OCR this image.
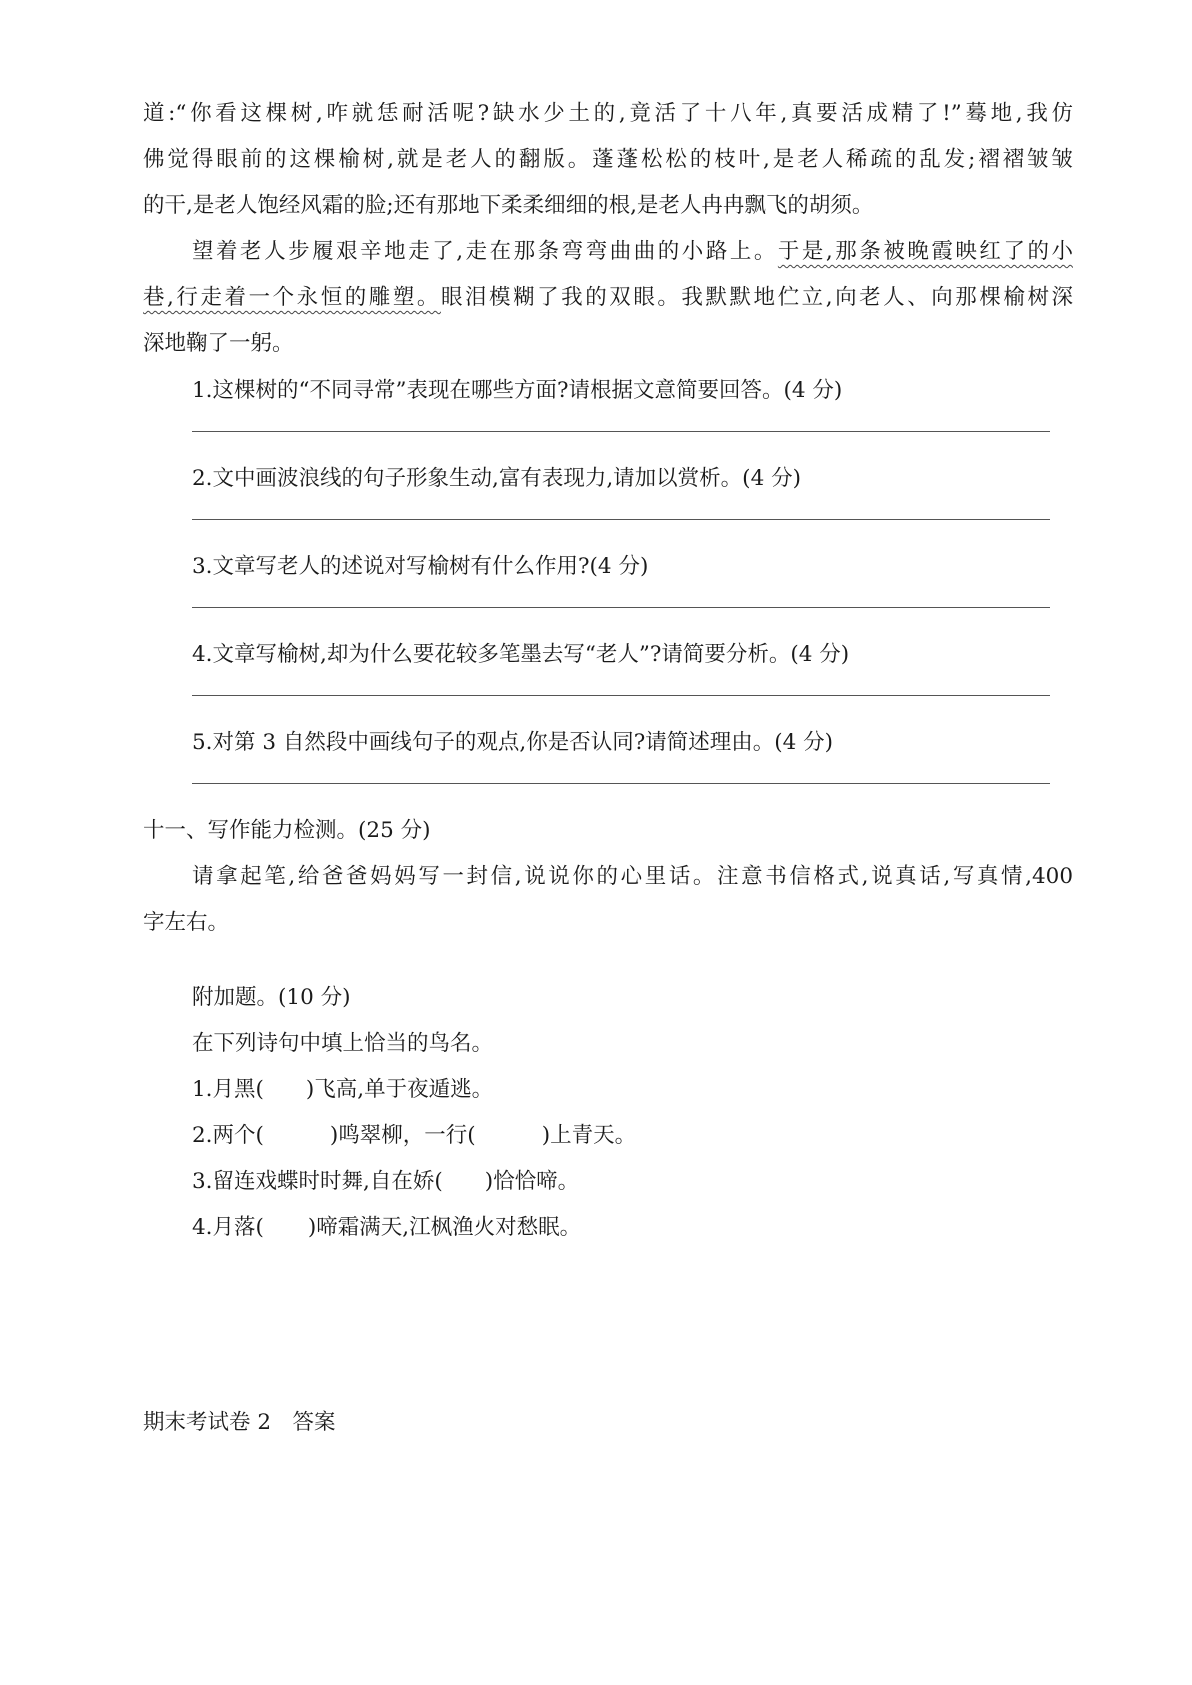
道:“你看这棵树,咋就恁耐活呢?缺水少土的,竟活了十八年,真要活成精了!”蓦地,我仿
佛觉得眼前的这棵榆树,就是老人的翻版。蓬蓬松松的枝叶,是老人稀疏的乱发;褶褶皱皱
的干,是老人饱经风霜的脸;还有那地下柔柔细细的根,是老人冉冉飘飞的胡须。
望着老人步履艰辛地走了,走在那条弯弯曲曲的小路上。于是,那条被晚霞映红了的小
巷,行走着一个永恒的雕塑。眼泪模糊了我的双眼。我默默地伫立,向老人、向那棵榆树深
深地鞠了一躬。
1.这棵树的“不同寻常”表现在哪些方面?请根据文意简要回答。(4 分)
2.文中画波浪线的句子形象生动,富有表现力,请加以赏析。(4 分)
3.文章写老人的述说对写榆树有什么作用?(4 分)
4.文章写榆树,却为什么要花较多笔墨去写“老人”?请简要分析。(4 分)
5.对第 3 自然段中画线句子的观点,你是否认同?请简述理由。(4 分)
十一、写作能力检测。(25 分)
请拿起笔,给爸爸妈妈写一封信,说说你的心里话。注意书信格式,说真话,写真情,400
字左右。
附加题。(10 分)
在下列诗句中填上恰当的鸟名。
1.月黑( )飞高,单于夜遁逃。
2.两个(	)鸣翠柳，一行(	)上青天。
3.留连戏蝶时时舞,自在娇( )恰恰啼。
4.月落( )啼霜满天,江枫渔火对愁眠。
期末考试卷 2　答案
